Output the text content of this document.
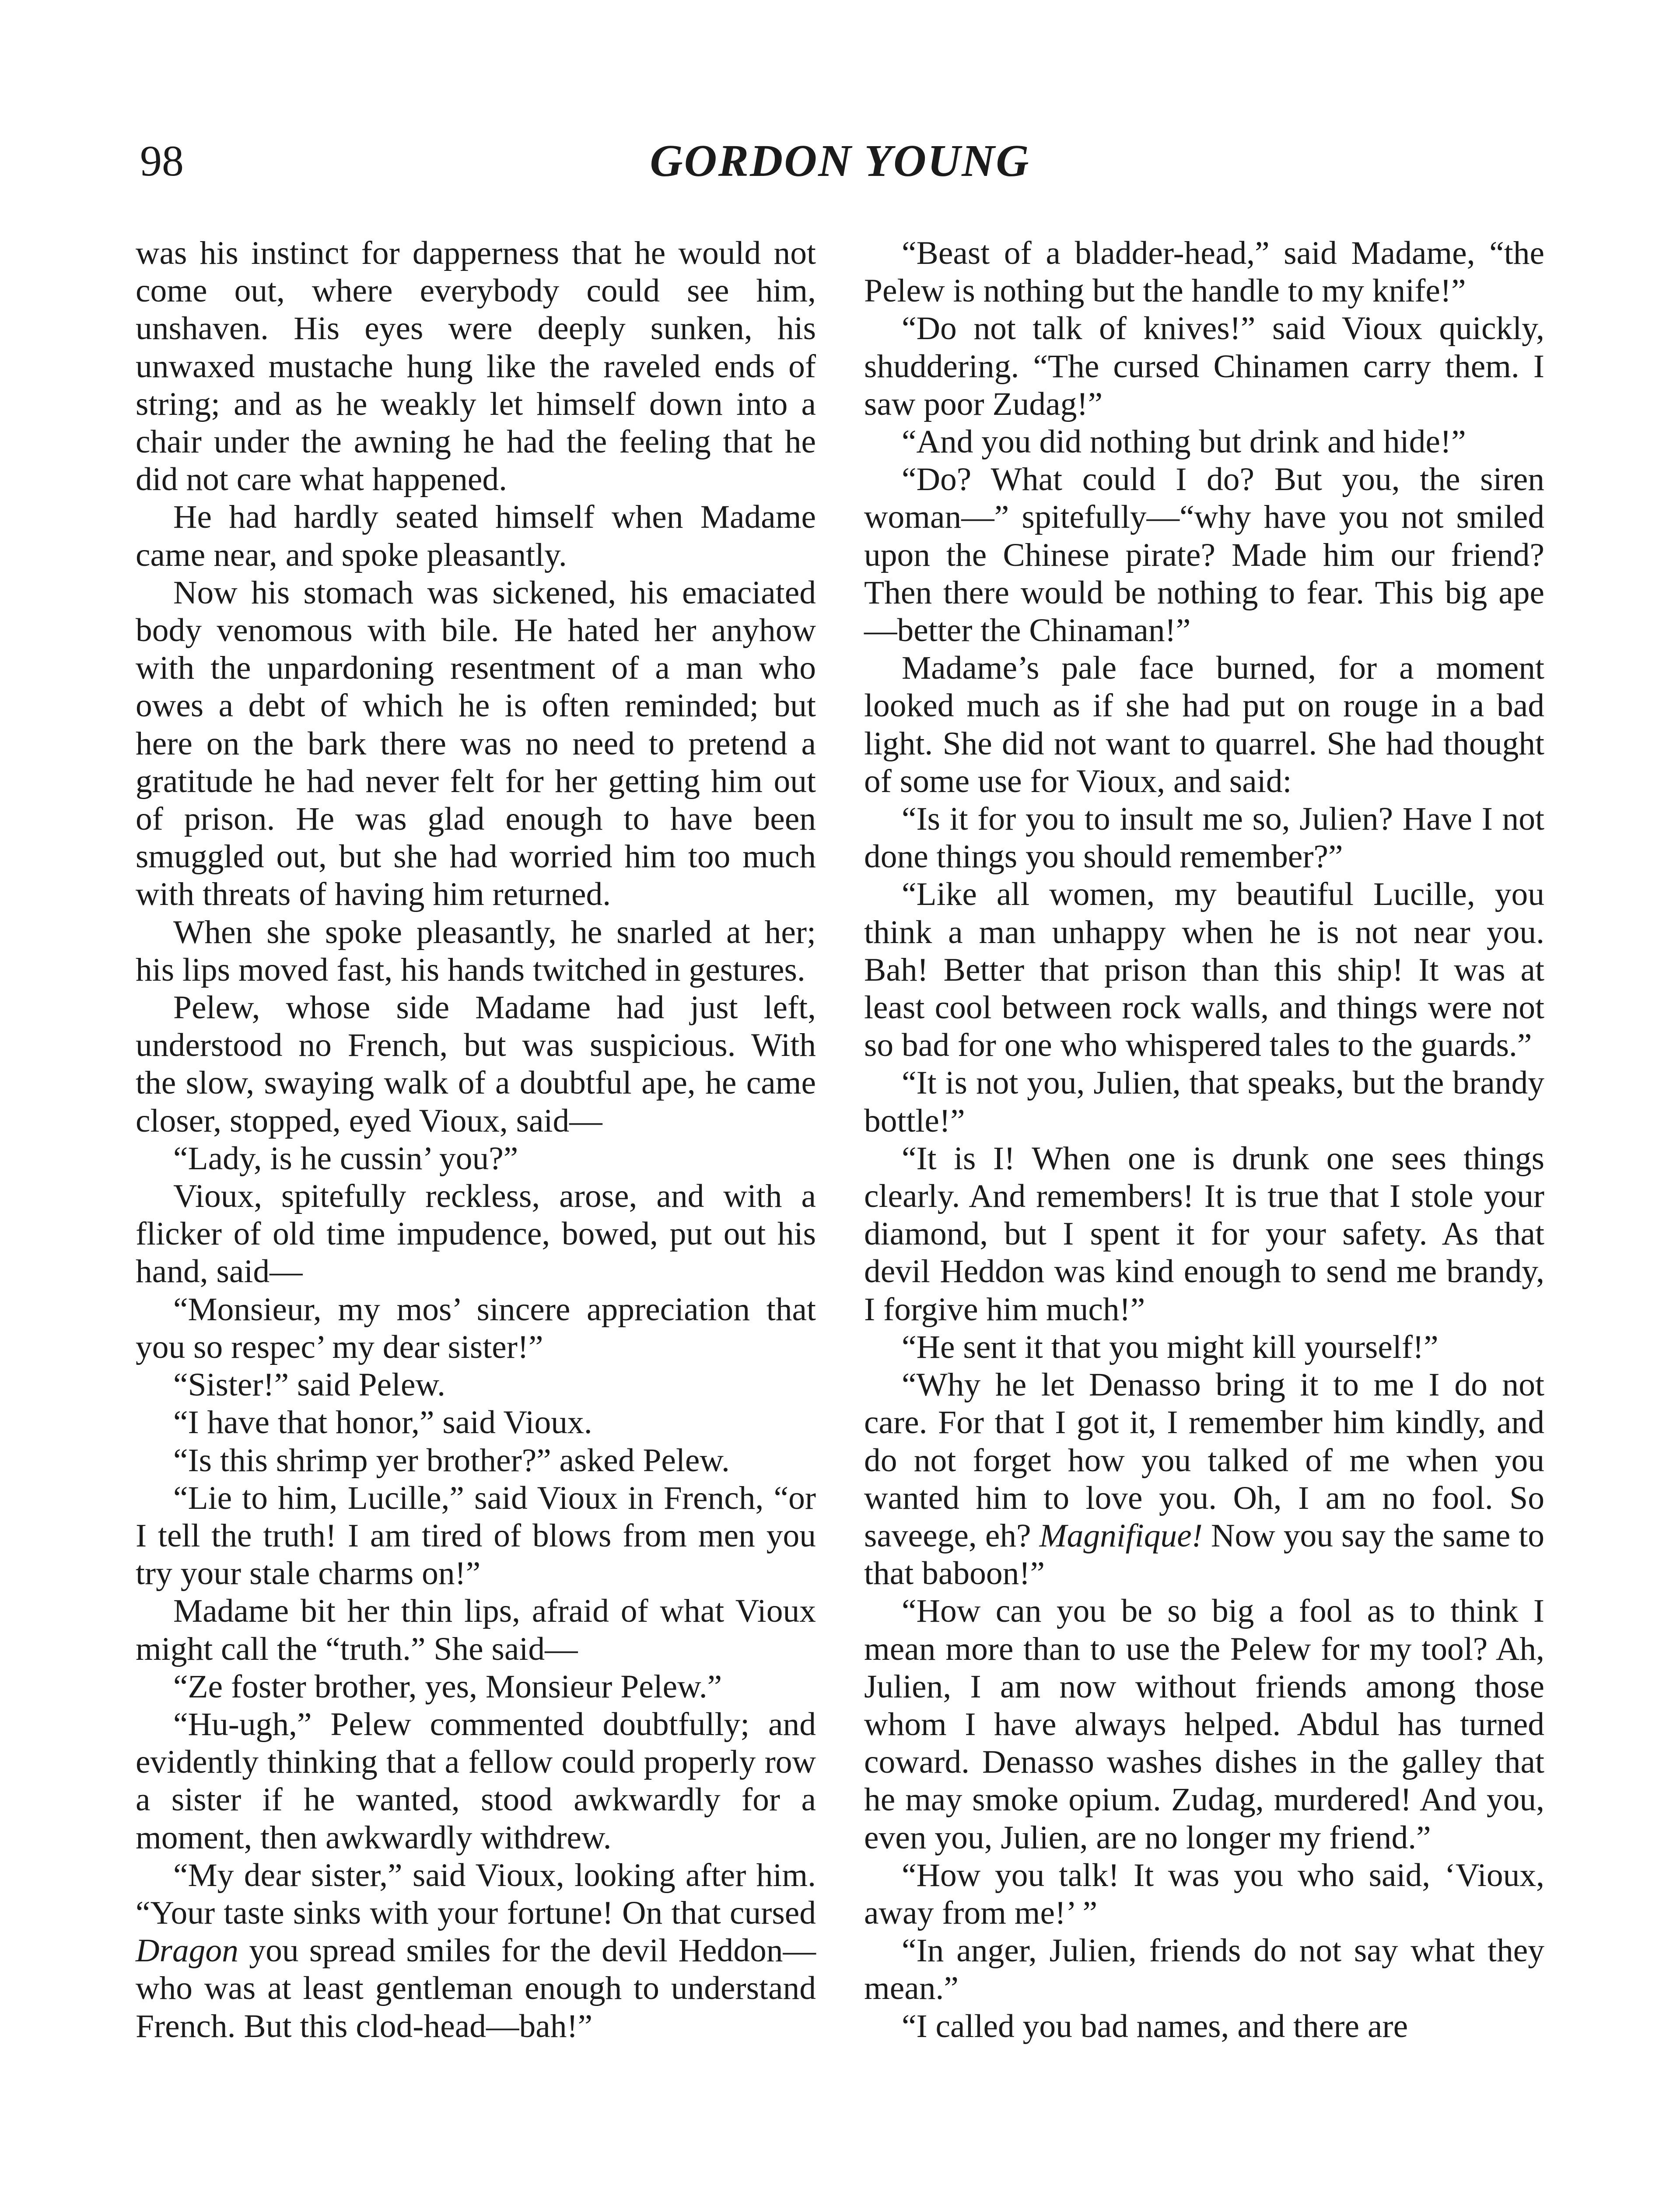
98	GORDON YOUNG

was his instinct for dapperness that he would not come out, where everybody could see him, unshaven. His eyes were deeply sunken, his unwaxed mustache hung like the raveled ends of string; and as he weakly let himself down into a chair under the awning he had the feeling that he did not care what happened.

He had hardly seated himself when Madame came near, and spoke pleasantly.

Now his stomach was sickened, his emaciated body venomous with bile. He hated her anyhow with the unpardoning resentment of a man who owes a debt of which he is often reminded; but here on the bark there was no need to pretend a gratitude he had never felt for her getting him out of prison. He was glad enough to have been smuggled out, but she had worried him too much with threats of having him returned.

When she spoke pleasantly, he snarled at her; his lips moved fast, his hands twitched in gestures.

Pelew, whose side Madame had just left, understood no French, but was suspicious. With the slow, swaying walk of a doubtful ape, he came closer, stopped, eyed Vioux, said—

“Lady, is he cussin’ you?”

Vioux, spitefully reckless, arose, and with a flicker of old time impudence, bowed, put out his hand, said—

“Monsieur, my mos’ sincere appreciation that you so respec’ my dear sister!”

“Sister!” said Pelew.

“I have that honor,” said Vioux.

“Is this shrimp yer brother?” asked Pelew.

“Lie to him, Lucille,” said Vioux in French, “or I tell the truth! I am tired of blows from men you try your stale charms on!”

Madame bit her thin lips, afraid of what Vioux might call the “truth.” She said—

“Ze foster brother, yes, Monsieur Pelew.”

“Hu-ugh,” Pelew commented doubtfully; and evidently thinking that a fellow could properly row a sister if he wanted, stood awkwardly for a moment, then awkwardly withdrew.

“My dear sister,” said Vioux, looking after him. “Your taste sinks with your fortune! On that cursed Dragon you spread smiles for the devil Heddon—who was at least gentleman enough to understand French. But this clod-head—bah!”

“Beast of a bladder-head,” said Madame, “the Pelew is nothing but the handle to my knife!”

“Do not talk of knives!” said Vioux quickly, shuddering. “The cursed Chinamen carry them. I saw poor Zudag!”

“And you did nothing but drink and hide!”

“Do? What could I do? But you, the siren woman—” spitefully—“why have you not smiled upon the Chinese pirate? Made him our friend? Then there would be nothing to fear. This big ape—better the Chinaman!”

Madame’s pale face burned, for a moment looked much as if she had put on rouge in a bad light. She did not want to quarrel. She had thought of some use for Vioux, and said:

“Is it for you to insult me so, Julien? Have I not done things you should remember?”

“Like all women, my beautiful Lucille, you think a man unhappy when he is not near you. Bah! Better that prison than this ship! It was at least cool between rock walls, and things were not so bad for one who whispered tales to the guards.”

“It is not you, Julien, that speaks, but the brandy bottle!”

“It is I! When one is drunk one sees things clearly. And remembers! It is true that I stole your diamond, but I spent it for your safety. As that devil Heddon was kind enough to send me brandy, I forgive him much!”

“He sent it that you might kill yourself!”

“Why he let Denasso bring it to me I do not care. For that I got it, I remember him kindly, and do not forget how you talked of me when you wanted him to love you. Oh, I am no fool. So saveege, eh? Magnifique! Now you say the same to that baboon!”

“How can you be so big a fool as to think I mean more than to use the Pelew for my tool? Ah, Julien, I am now without friends among those whom I have always helped. Abdul has turned coward. Denasso washes dishes in the galley that he may smoke opium. Zudag, murdered! And you, even you, Julien, are no longer my friend.”

“How you talk! It was you who said, ‘Vioux, away from me!’ ”

“In anger, Julien, friends do not say what they mean.”

“I called you bad names, and there are
